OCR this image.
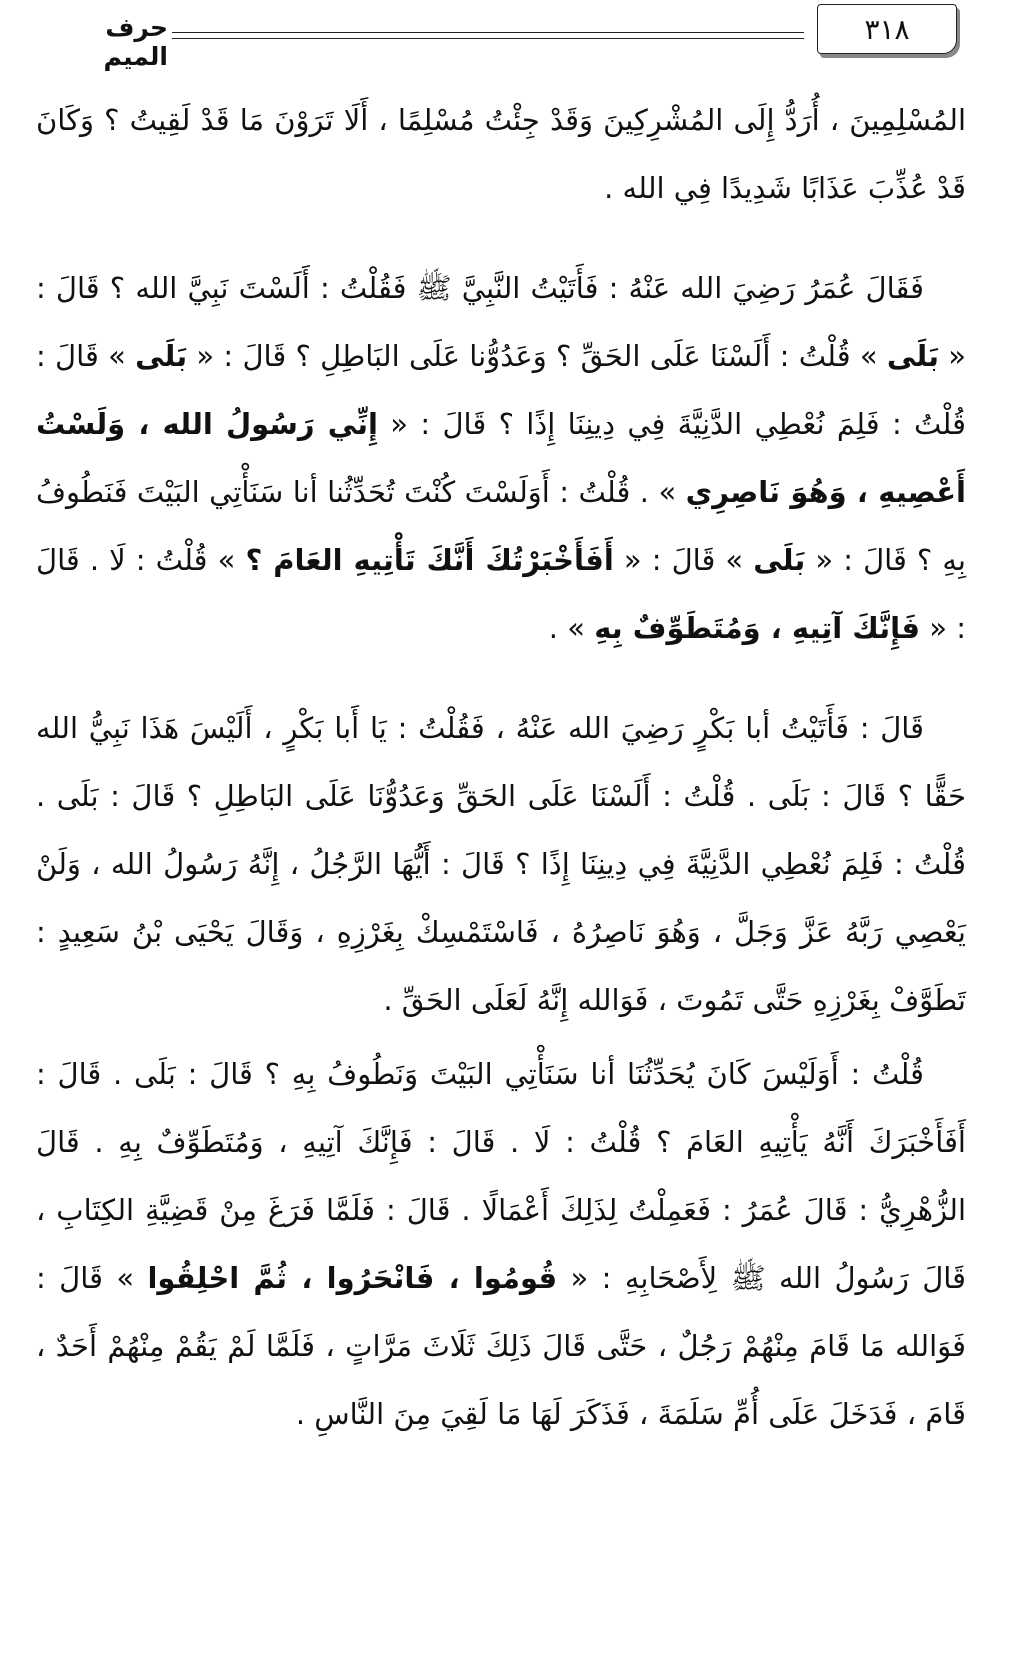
٣١٨
حرف الميم

المُسْلِمِينَ ، أُرَدُّ إِلَى المُشْرِكِينَ وَقَدْ جِئْتُ مُسْلِمًا ، أَلَا تَرَوْنَ مَا قَدْ لَقِيتُ ؟ وَكَانَ قَدْ عُذِّبَ عَذَابًا شَدِيدًا فِي الله .

فَقَالَ عُمَرُ رَضِيَ الله عَنْهُ : فَأَتَيْتُ النَّبِيَّ ﷺ فَقُلْتُ : أَلَسْتَ نَبِيَّ الله ؟ قَالَ : « بَلَى » قُلْتُ : أَلَسْنَا عَلَى الحَقِّ ؟ وَعَدُوُّنا عَلَى البَاطِلِ ؟ قَالَ : « بَلَى » قَالَ : قُلْتُ : فَلِمَ نُعْطِي الدَّنِيَّةَ فِي دِينِنَا إِذًا ؟ قَالَ : « إِنِّي رَسُولُ الله ، وَلَسْتُ أَعْصِيهِ ، وَهُوَ نَاصِرِي » . قُلْتُ : أَوَلَسْتَ كُنْتَ تُحَدِّثُنا أنا سَنَأْتِي البَيْتَ فَنَطُوفُ بِهِ ؟ قَالَ : « بَلَى » قَالَ : « أَفَأَخْبَرْتُكَ أَنَّكَ تَأْتِيهِ العَامَ ؟ » قُلْتُ : لَا . قَالَ : « فَإِنَّكَ آتِيهِ ، وَمُتَطَوِّفٌ بِهِ » .

قَالَ : فَأَتَيْتُ أبا بَكْرٍ رَضِيَ الله عَنْهُ ، فَقُلْتُ : يَا أَبا بَكْرٍ ، أَلَيْسَ هَذَا نَبِيُّ الله حَقًّا ؟ قَالَ : بَلَى . قُلْتُ : أَلَسْنَا عَلَى الحَقِّ وَعَدُوُّنَا عَلَى البَاطِلِ ؟ قَالَ : بَلَى . قُلْتُ : فَلِمَ نُعْطِي الدَّنِيَّةَ فِي دِينِنَا إِذًا ؟ قَالَ : أَيُّهَا الرَّجُلُ ، إِنَّهُ رَسُولُ الله ، وَلَنْ يَعْصِي رَبَّهُ عَزَّ وَجَلَّ ، وَهُوَ نَاصِرُهُ ، فَاسْتَمْسِكْ بِغَرْزِهِ ، وَقَالَ يَحْيَى بْنُ سَعِيدٍ : تَطَوَّفْ بِغَرْزِهِ حَتَّى تَمُوتَ ، فَوَالله إِنَّهُ لَعَلَى الحَقِّ .

قُلْتُ : أَوَلَيْسَ كَانَ يُحَدِّثُنَا أنا سَنَأْتِي البَيْتَ وَنَطُوفُ بِهِ ؟ قَالَ : بَلَى . قَالَ : أَفَأَخْبَرَكَ أَنَّهُ يَأْتِيهِ العَامَ ؟ قُلْتُ : لَا . قَالَ : فَإِنَّكَ آتِيهِ ، وَمُتَطَوِّفٌ بِهِ . قَالَ الزُّهْرِيُّ : قَالَ عُمَرُ : فَعَمِلْتُ لِذَلِكَ أَعْمَالًا . قَالَ : فَلَمَّا فَرَغَ مِنْ قَضِيَّةِ الكِتَابِ ، قَالَ رَسُولُ الله ﷺ لِأَصْحَابِهِ : « قُومُوا ، فَانْحَرُوا ، ثُمَّ احْلِقُوا » قَالَ : فَوَالله مَا قَامَ مِنْهُمْ رَجُلٌ ، حَتَّى قَالَ ذَلِكَ ثَلَاثَ مَرَّاتٍ ، فَلَمَّا لَمْ يَقُمْ مِنْهُمْ أَحَدٌ ، قَامَ ، فَدَخَلَ عَلَى أُمِّ سَلَمَةَ ، فَذَكَرَ لَهَا مَا لَقِيَ مِنَ النَّاسِ .
